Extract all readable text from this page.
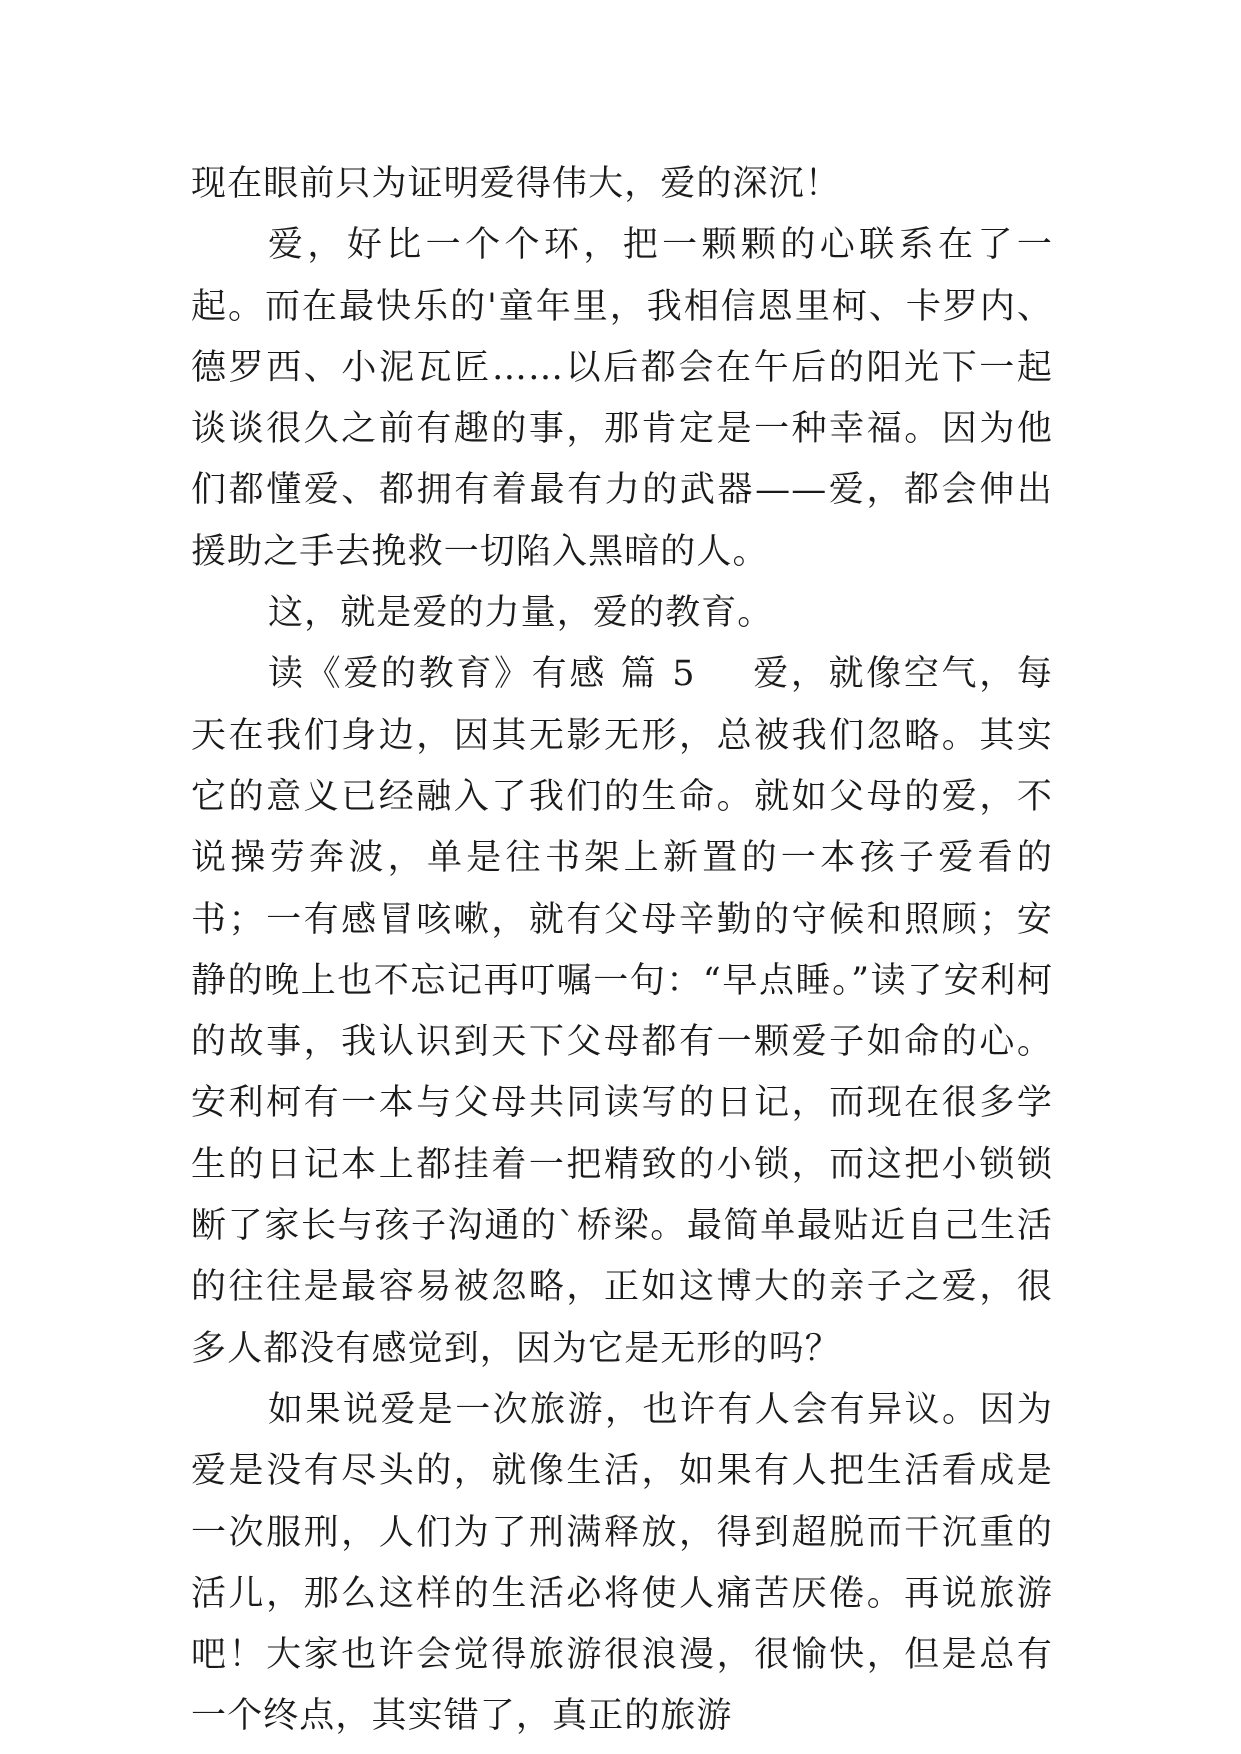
现在眼前只为证明爱得伟大，爱的深沉！

爱，好比一个个环，把一颗颗的心联系在了一起。而在最快乐的'童年里，我相信恩里柯、卡罗内、德罗西、小泥瓦匠……以后都会在午后的阳光下一起谈谈很久之前有趣的事，那肯定是一种幸福。因为他们都懂爱、都拥有着最有力的武器——爱，都会伸出援助之手去挽救一切陷入黑暗的人。

这，就是爱的力量，爱的教育。

读《爱的教育》有感 篇 5 爱，就像空气，每天在我们身边，因其无影无形，总被我们忽略。其实它的意义已经融入了我们的生命。就如父母的爱，不说操劳奔波，单是往书架上新置的一本孩子爱看的书；一有感冒咳嗽，就有父母辛勤的守候和照顾；安静的晚上也不忘记再叮嘱一句：“早点睡。”读了安利柯的故事，我认识到天下父母都有一颗爱子如命的心。安利柯有一本与父母共同读写的日记，而现在很多学生的日记本上都挂着一把精致的小锁，而这把小锁锁断了家长与孩子沟通的`桥梁。最简单最贴近自己生活的往往是最容易被忽略，正如这博大的亲子之爱，很多人都没有感觉到，因为它是无形的吗？

如果说爱是一次旅游，也许有人会有异议。因为爱是没有尽头的，就像生活，如果有人把生活看成是一次服刑，人们为了刑满释放，得到超脱而干沉重的活儿，那么这样的生活必将使人痛苦厌倦。再说旅游吧！大家也许会觉得旅游很浪漫，很愉快，但是总有一个终点，其实错了，真正的旅游
